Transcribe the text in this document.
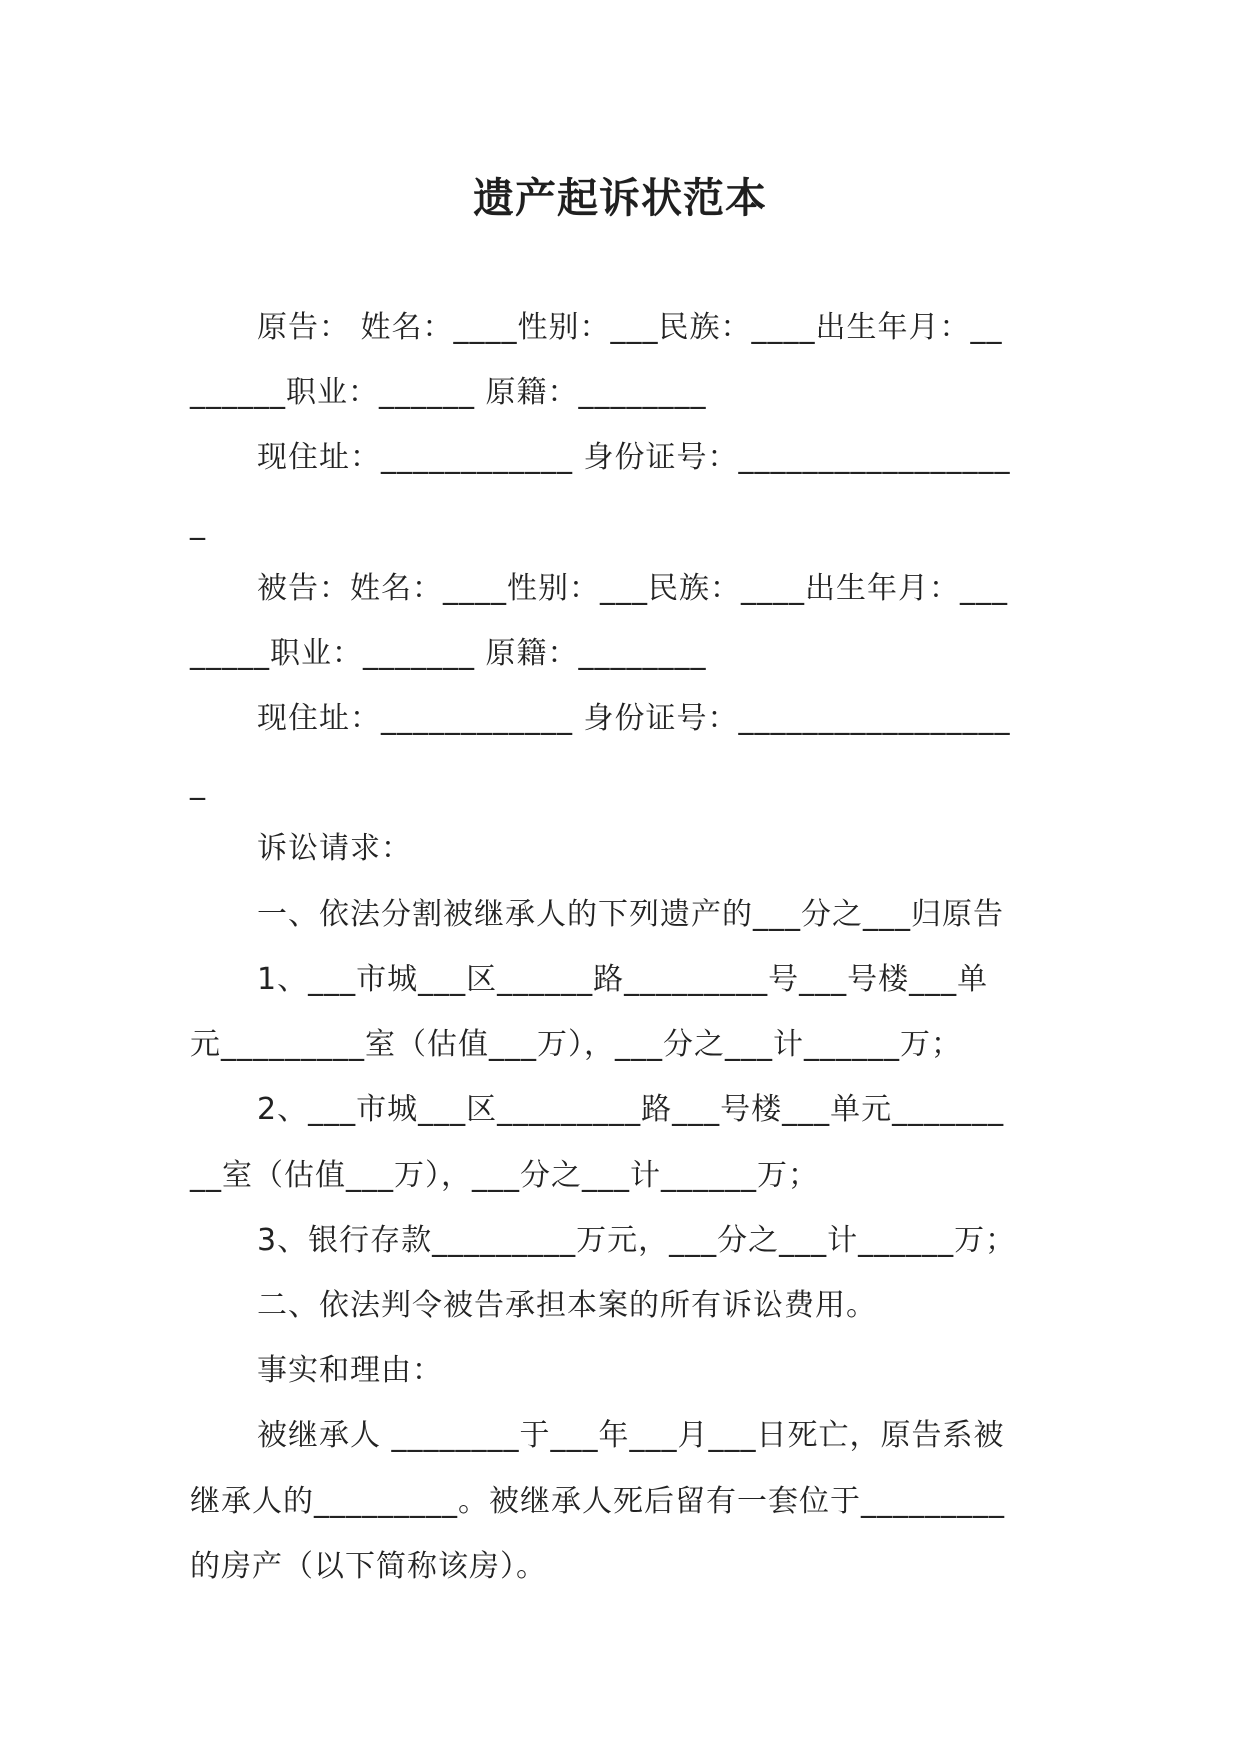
遗产起诉状范本
原告： 姓名：____性别：___民族：____出生年月：__
______职业：______ 原籍：________
现住址：____________ 身份证号：_________________
_
被告：姓名：____性别：___民族：____出生年月：___
_____职业：_______ 原籍：________
现住址：____________ 身份证号：_________________
_
诉讼请求：
一、依法分割被继承人的下列遗产的___分之___归原告
1、___市城___区______路_________号___号楼___单
元_________室（估值___万），___分之___计______万；
2、___市城___区_________路___号楼___单元_______
__室（估值___万），___分之___计______万；
3、银行存款_________万元，___分之___计______万；
二、依法判令被告承担本案的所有诉讼费用。
事实和理由：
被继承人 ________于___年___月___日死亡，原告系被
继承人的_________。被继承人死后留有一套位于_________
的房产（以下简称该房）。
